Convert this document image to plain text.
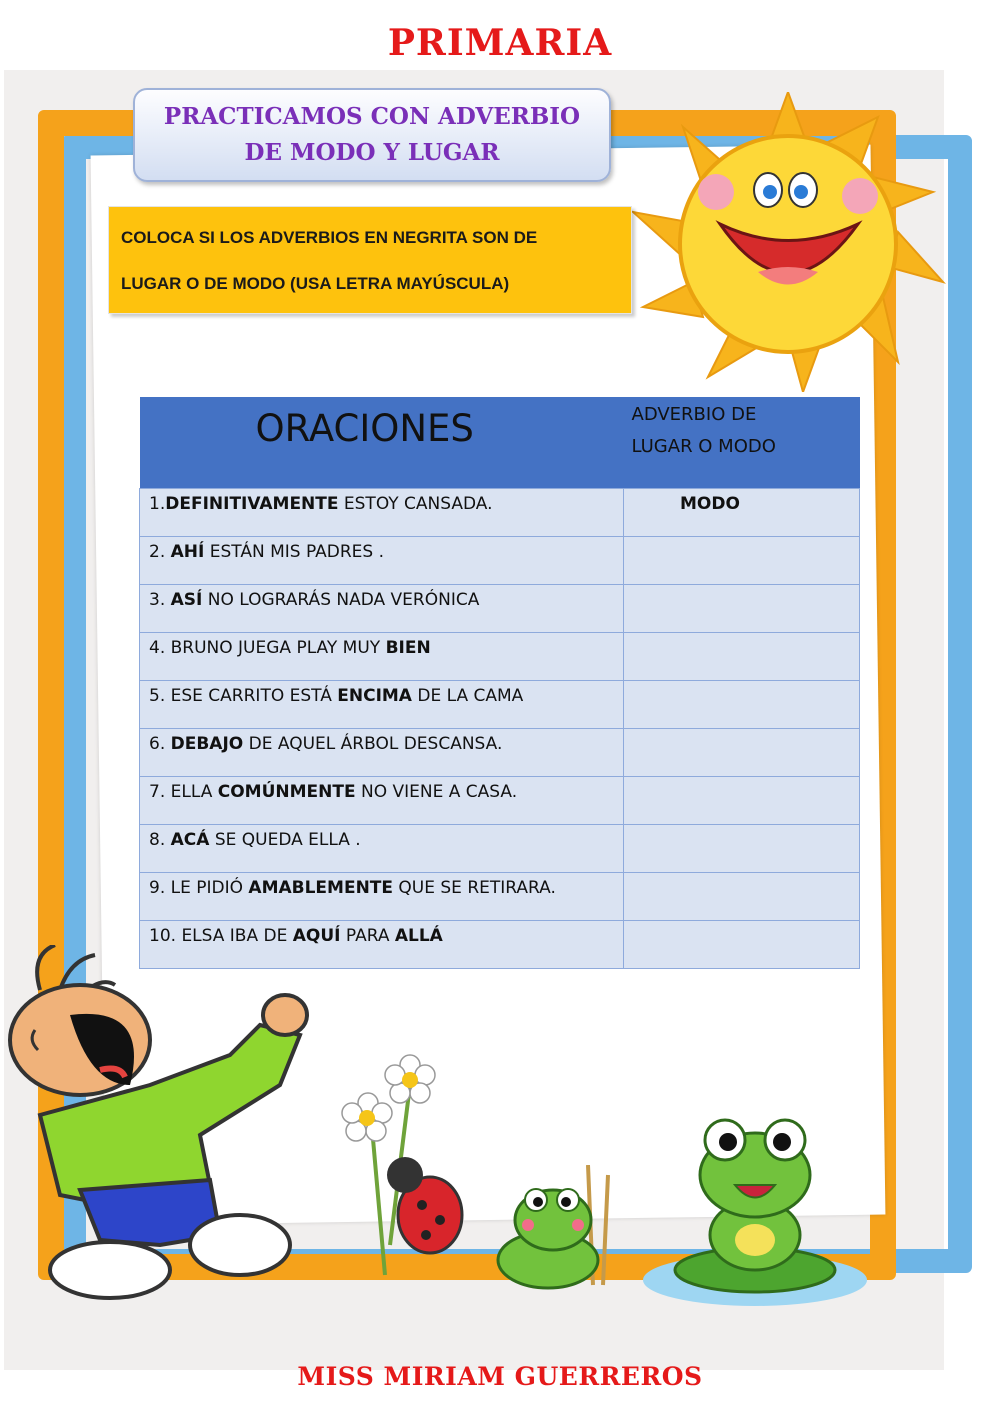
PRIMARIA
PRACTICAMOS CON ADVERBIO DE MODO Y LUGAR
COLOCA SI LOS ADVERBIOS EN NEGRITA SON DE
LUGAR O DE MODO (USA LETRA MAYÚSCULA)
ORACIONES	ADVERBIO DE
LUGAR O MODO

1.DEFINITIVAMENTE ESTOY CANSADA.	MODO
2. AHÍ ESTÁN MIS PADRES .	
3. ASÍ NO LOGRARÁS NADA VERÓNICA	
4. BRUNO JUEGA PLAY MUY BIEN	
5. ESE CARRITO ESTÁ ENCIMA DE LA CAMA	
6. DEBAJO DE AQUEL ÁRBOL DESCANSA.	
7. ELLA COMÚNMENTE NO VIENE A CASA.	
8. ACÁ SE QUEDA ELLA .	
9. LE PIDIÓ AMABLEMENTE QUE SE RETIRARA.	
10. ELSA IBA DE AQUÍ PARA ALLÁ	
MISS MIRIAM GUERREROS
